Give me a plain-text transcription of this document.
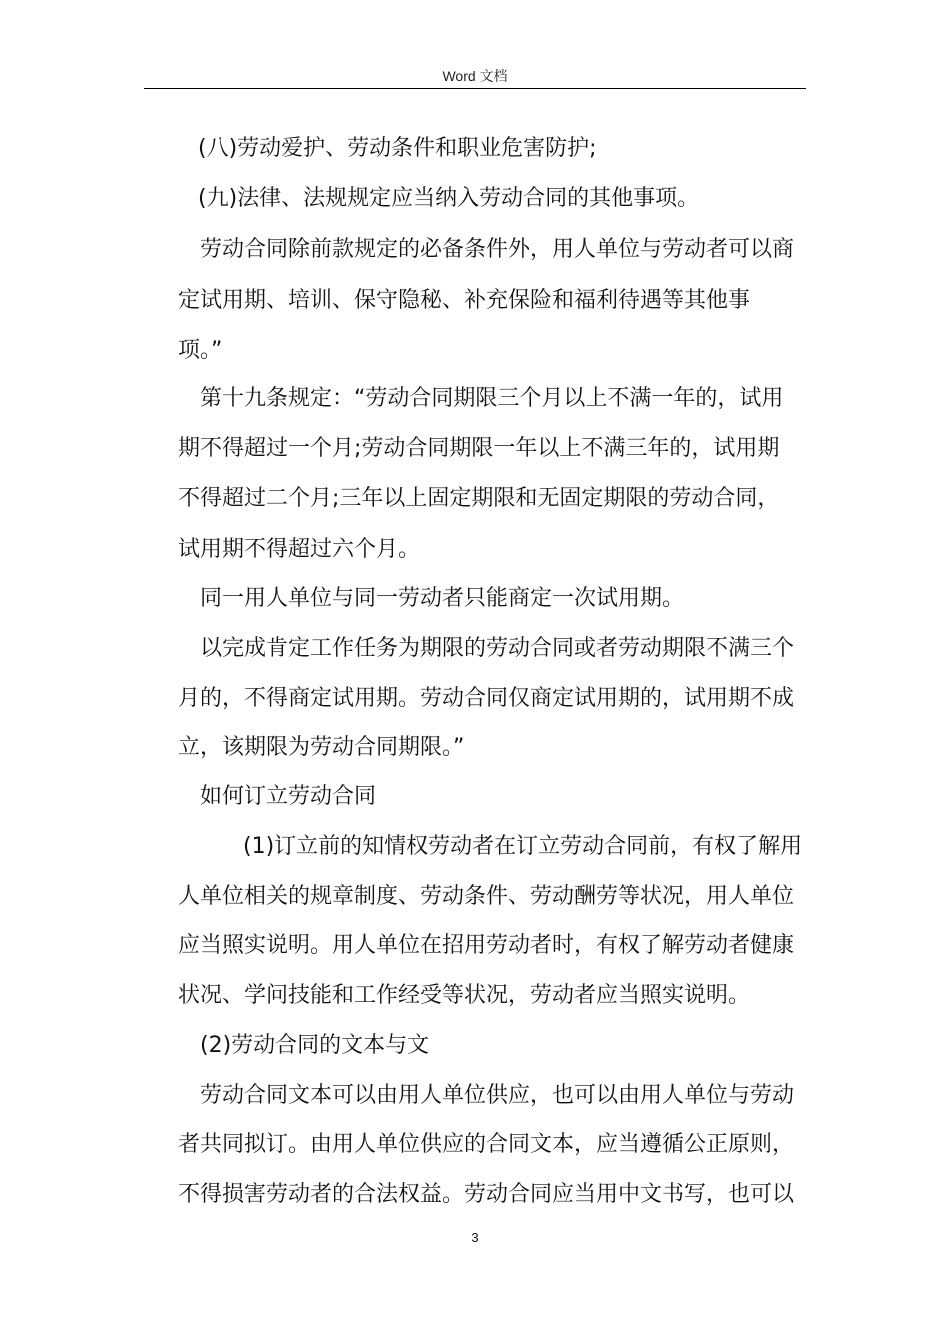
Word 文档
(八)劳动爱护、劳动条件和职业危害防护;
(九)法律、法规规定应当纳入劳动合同的其他事项。
劳动合同除前款规定的必备条件外，用人单位与劳动者可以商
定试用期、培训、保守隐秘、补充保险和福利待遇等其他事
项。”
第十九条规定：“劳动合同期限三个月以上不满一年的，试用
期不得超过一个月;劳动合同期限一年以上不满三年的，试用期
不得超过二个月;三年以上固定期限和无固定期限的劳动合同，
试用期不得超过六个月。
同一用人单位与同一劳动者只能商定一次试用期。
以完成肯定工作任务为期限的劳动合同或者劳动期限不满三个
月的，不得商定试用期。劳动合同仅商定试用期的，试用期不成
立，该期限为劳动合同期限。”
如何订立劳动合同
(1)订立前的知情权劳动者在订立劳动合同前，有权了解用
人单位相关的规章制度、劳动条件、劳动酬劳等状况，用人单位
应当照实说明。用人单位在招用劳动者时，有权了解劳动者健康
状况、学问技能和工作经受等状况，劳动者应当照实说明。
(2)劳动合同的文本与文
劳动合同文本可以由用人单位供应，也可以由用人单位与劳动
者共同拟订。由用人单位供应的合同文本，应当遵循公正原则，
不得损害劳动者的合法权益。劳动合同应当用中文书写，也可以
3
